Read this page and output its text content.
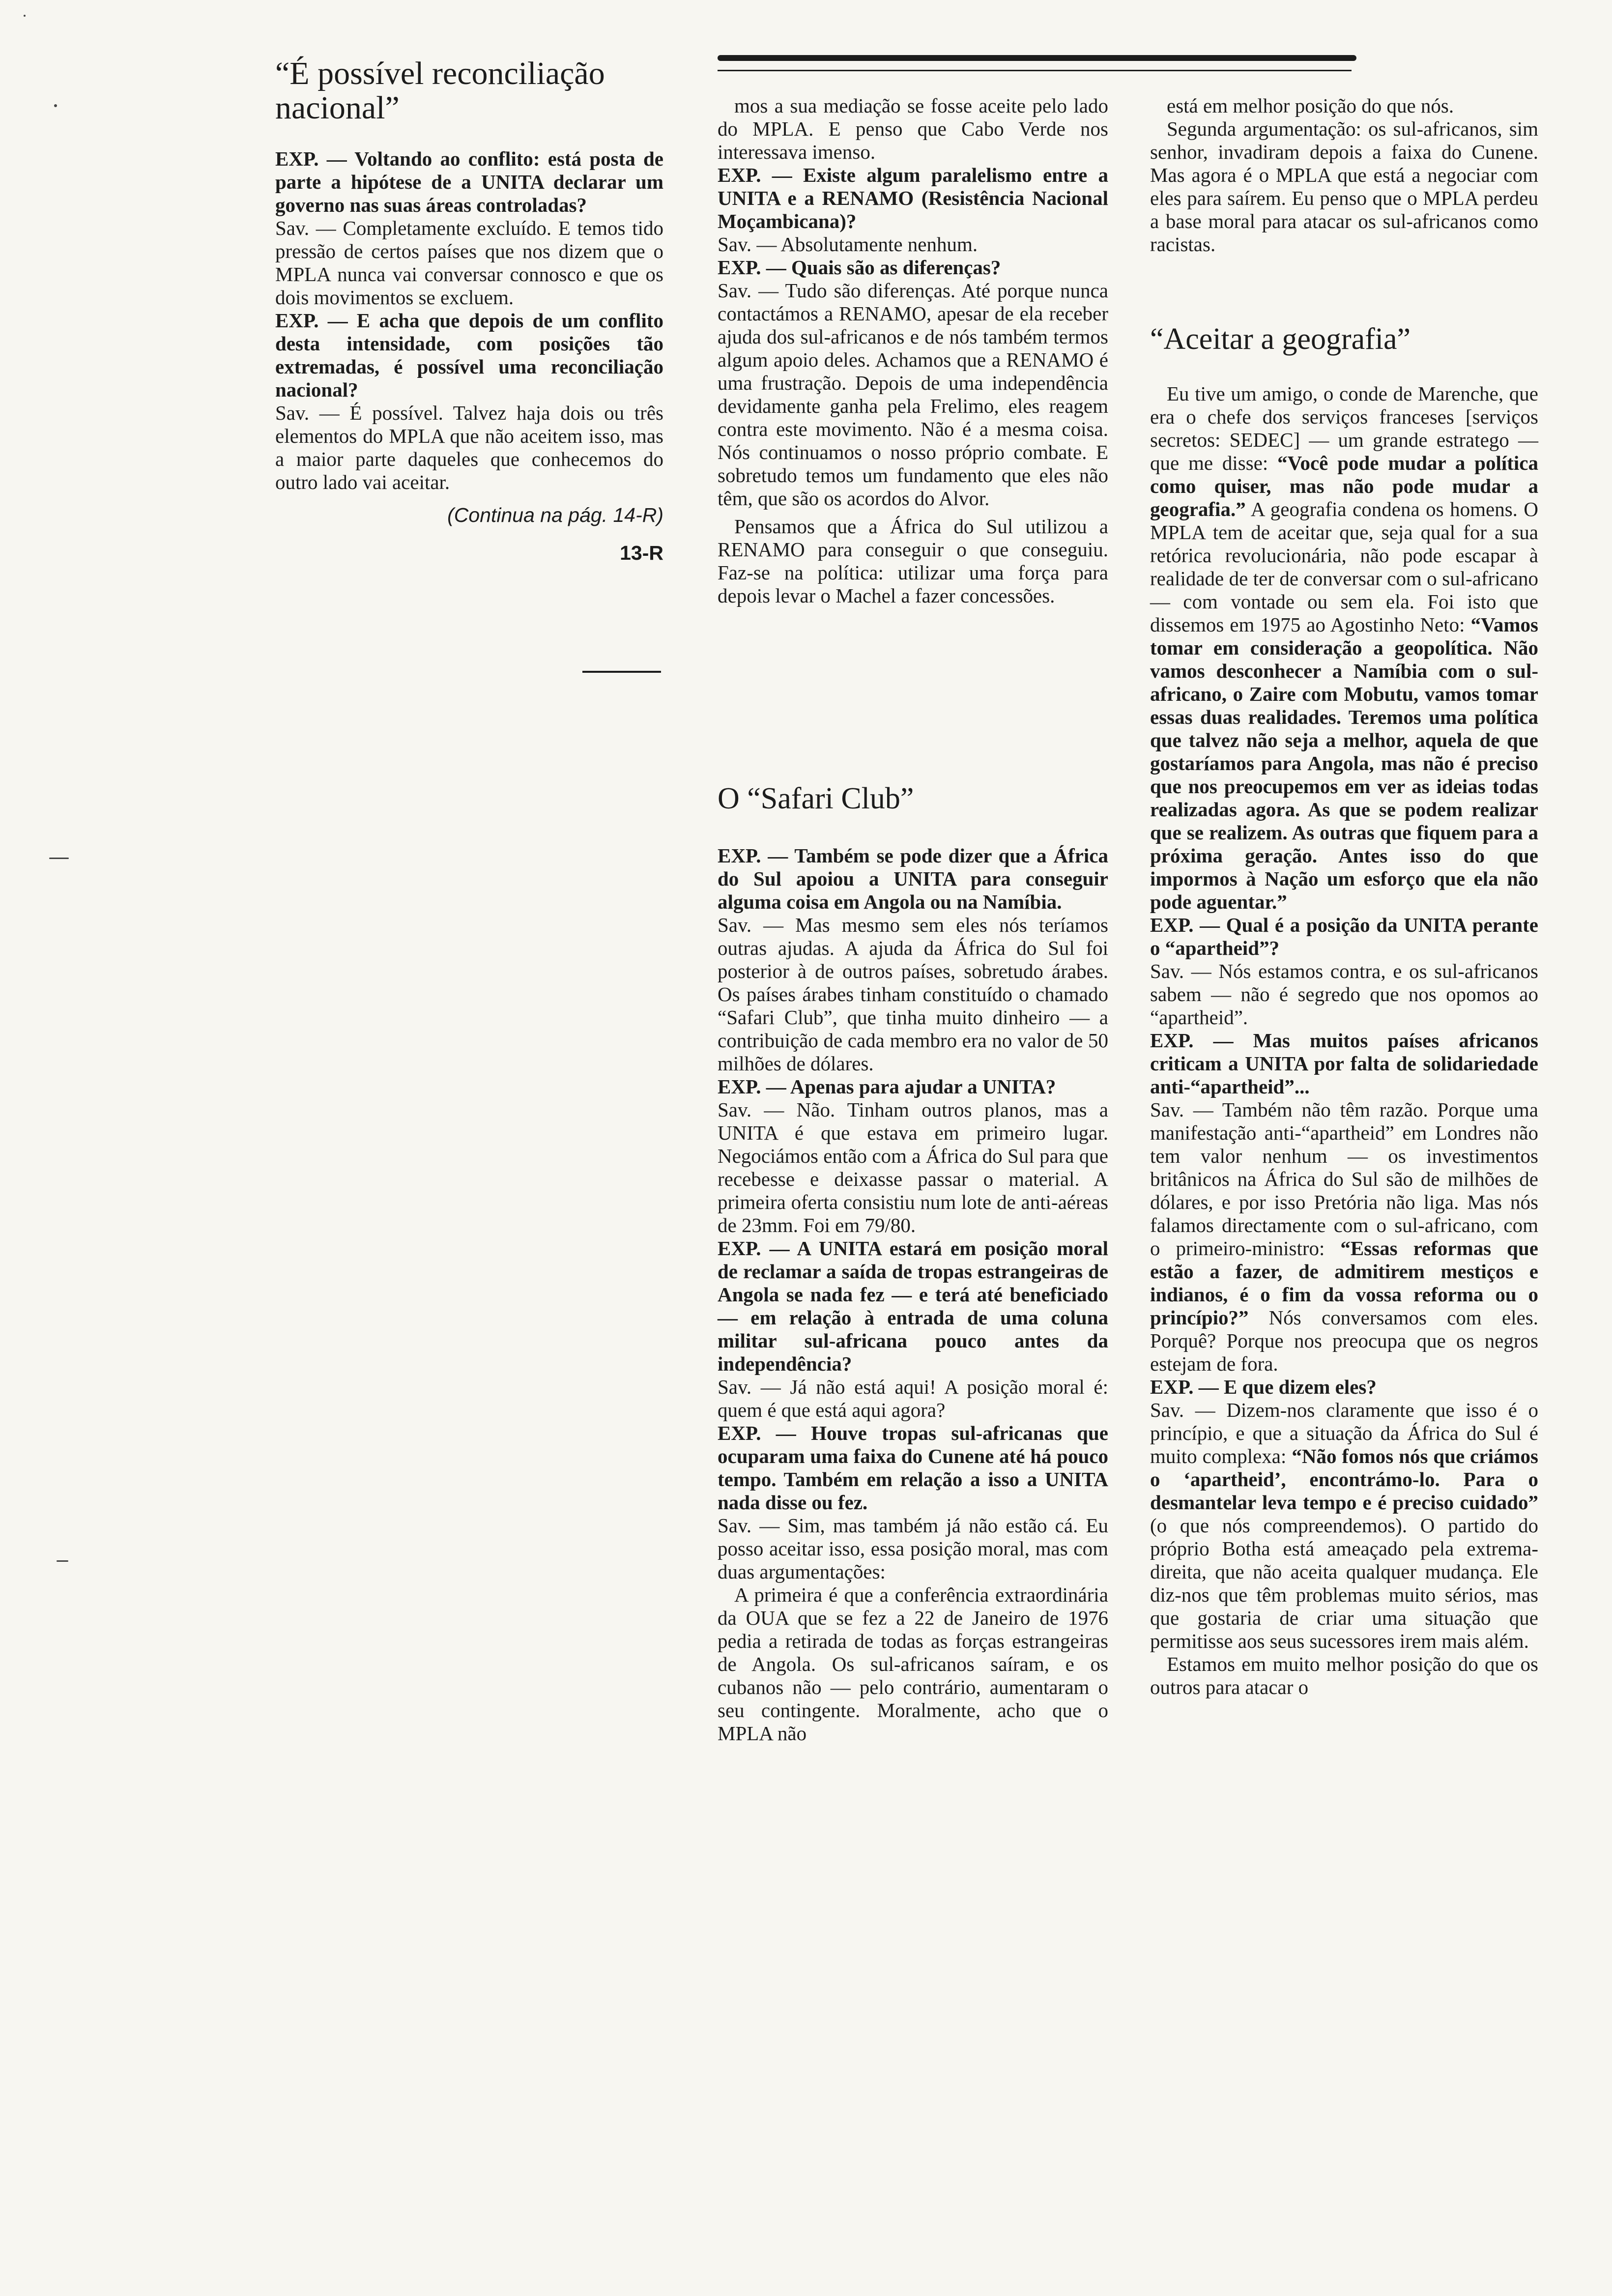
“É possível reconciliação nacional”

EXP. — Voltando ao conflito: está posta de parte a hipótese de a UNITA declarar um governo nas suas áreas controladas?

Sav. — Completamente excluído. E temos tido pressão de certos países que nos dizem que o MPLA nunca vai conversar connosco e que os dois movimentos se excluem.

EXP. — E acha que depois de um conflito desta intensidade, com posições tão extremadas, é possível uma reconciliação nacional?

Sav. — É possível. Talvez haja dois ou três elementos do MPLA que não aceitem isso, mas a maior parte daqueles que conhecemos do outro lado vai aceitar.

(Continua na pág. 14-R)

13-R

mos a sua mediação se fosse aceite pelo lado do MPLA. E penso que Cabo Verde nos interessava imenso.

EXP. — Existe algum paralelismo entre a UNITA e a RENAMO (Resistência Nacional Moçambicana)?

Sav. — Absolutamente nenhum.

EXP. — Quais são as diferenças?

Sav. — Tudo são diferenças. Até porque nunca contactámos a RENAMO, apesar de ela receber ajuda dos sul-africanos e de nós também termos algum apoio deles. Achamos que a RENAMO é uma frustração. Depois de uma independência devidamente ganha pela Frelimo, eles reagem contra este movimento. Não é a mesma coisa. Nós continuamos o nosso próprio combate. E sobretudo temos um fundamento que eles não têm, que são os acordos do Alvor.

Pensamos que a África do Sul utilizou a RENAMO para conseguir o que conseguiu. Faz-se na política: utilizar uma força para depois levar o Machel a fazer concessões.

O “Safari Club”

EXP. — Também se pode dizer que a África do Sul apoiou a UNITA para conseguir alguma coisa em Angola ou na Namíbia.

Sav. — Mas mesmo sem eles nós teríamos outras ajudas. A ajuda da África do Sul foi posterior à de outros países, sobretudo árabes. Os países árabes tinham constituído o chamado “Safari Club”, que tinha muito dinheiro — a contribuição de cada membro era no valor de 50 milhões de dólares.

EXP. — Apenas para ajudar a UNITA?

Sav. — Não. Tinham outros planos, mas a UNITA é que estava em primeiro lugar. Negociámos então com a África do Sul para que recebesse e deixasse passar o material. A primeira oferta consistiu num lote de anti-aéreas de 23mm. Foi em 79/80.

EXP. — A UNITA estará em posição moral de reclamar a saída de tropas estrangeiras de Angola se nada fez — e terá até beneficiado — em relação à entrada de uma coluna militar sul-africana pouco antes da independência?

Sav. — Já não está aqui! A posição moral é: quem é que está aqui agora?

EXP. — Houve tropas sul-africanas que ocuparam uma faixa do Cunene até há pouco tempo. Também em relação a isso a UNITA nada disse ou fez.

Sav. — Sim, mas também já não estão cá. Eu posso aceitar isso, essa posição moral, mas com duas argumentações:

A primeira é que a conferência extraordinária da OUA que se fez a 22 de Janeiro de 1976 pedia a retirada de todas as forças estrangeiras de Angola. Os sul-africanos saíram, e os cubanos não — pelo contrário, aumentaram o seu contingente. Moralmente, acho que o MPLA não

está em melhor posição do que nós.

Segunda argumentação: os sul-africanos, sim senhor, invadiram depois a faixa do Cunene. Mas agora é o MPLA que está a negociar com eles para saírem. Eu penso que o MPLA perdeu a base moral para atacar os sul-africanos como racistas.

“Aceitar a geografia”

Eu tive um amigo, o conde de Marenche, que era o chefe dos serviços franceses [serviços secretos: SEDEC] — um grande estratego — que me disse: “Você pode mudar a política como quiser, mas não pode mudar a geografia.” A geografia condena os homens. O MPLA tem de aceitar que, seja qual for a sua retórica revolucionária, não pode escapar à realidade de ter de conversar com o sul-africano — com vontade ou sem ela. Foi isto que dissemos em 1975 ao Agostinho Neto: “Vamos tomar em consideração a geopolítica. Não vamos desconhecer a Namíbia com o sul-africano, o Zaire com Mobutu, vamos tomar essas duas realidades. Teremos uma política que talvez não seja a melhor, aquela de que gostaríamos para Angola, mas não é preciso que nos preocupemos em ver as ideias todas realizadas agora. As que se podem realizar que se realizem. As outras que fiquem para a próxima geração. Antes isso do que impormos à Nação um esforço que ela não pode aguentar.”

EXP. — Qual é a posição da UNITA perante o “apartheid”?

Sav. — Nós estamos contra, e os sul-africanos sabem — não é segredo que nos opomos ao “apartheid”.

EXP. — Mas muitos países africanos criticam a UNITA por falta de solidariedade anti-“apartheid”...

Sav. — Também não têm razão. Porque uma manifestação anti-“apartheid” em Londres não tem valor nenhum — os investimentos britânicos na África do Sul são de milhões de dólares, e por isso Pretória não liga. Mas nós falamos directamente com o sul-africano, com o primeiro-ministro: “Essas reformas que estão a fazer, de admitirem mestiços e indianos, é o fim da vossa reforma ou o princípio?” Nós conversamos com eles. Porquê? Porque nos preocupa que os negros estejam de fora.

EXP. — E que dizem eles?

Sav. — Dizem-nos claramente que isso é o princípio, e que a situação da África do Sul é muito complexa: “Não fomos nós que criámos o ‘apartheid’, encontrámo-lo. Para o desmantelar leva tempo e é preciso cuidado” (o que nós compreendemos). O partido do próprio Botha está ameaçado pela extrema-direita, que não aceita qualquer mudança. Ele diz-nos que têm problemas muito sérios, mas que gostaria de criar uma situação que permitisse aos seus sucessores irem mais além.

Estamos em muito melhor posição do que os outros para atacar o
